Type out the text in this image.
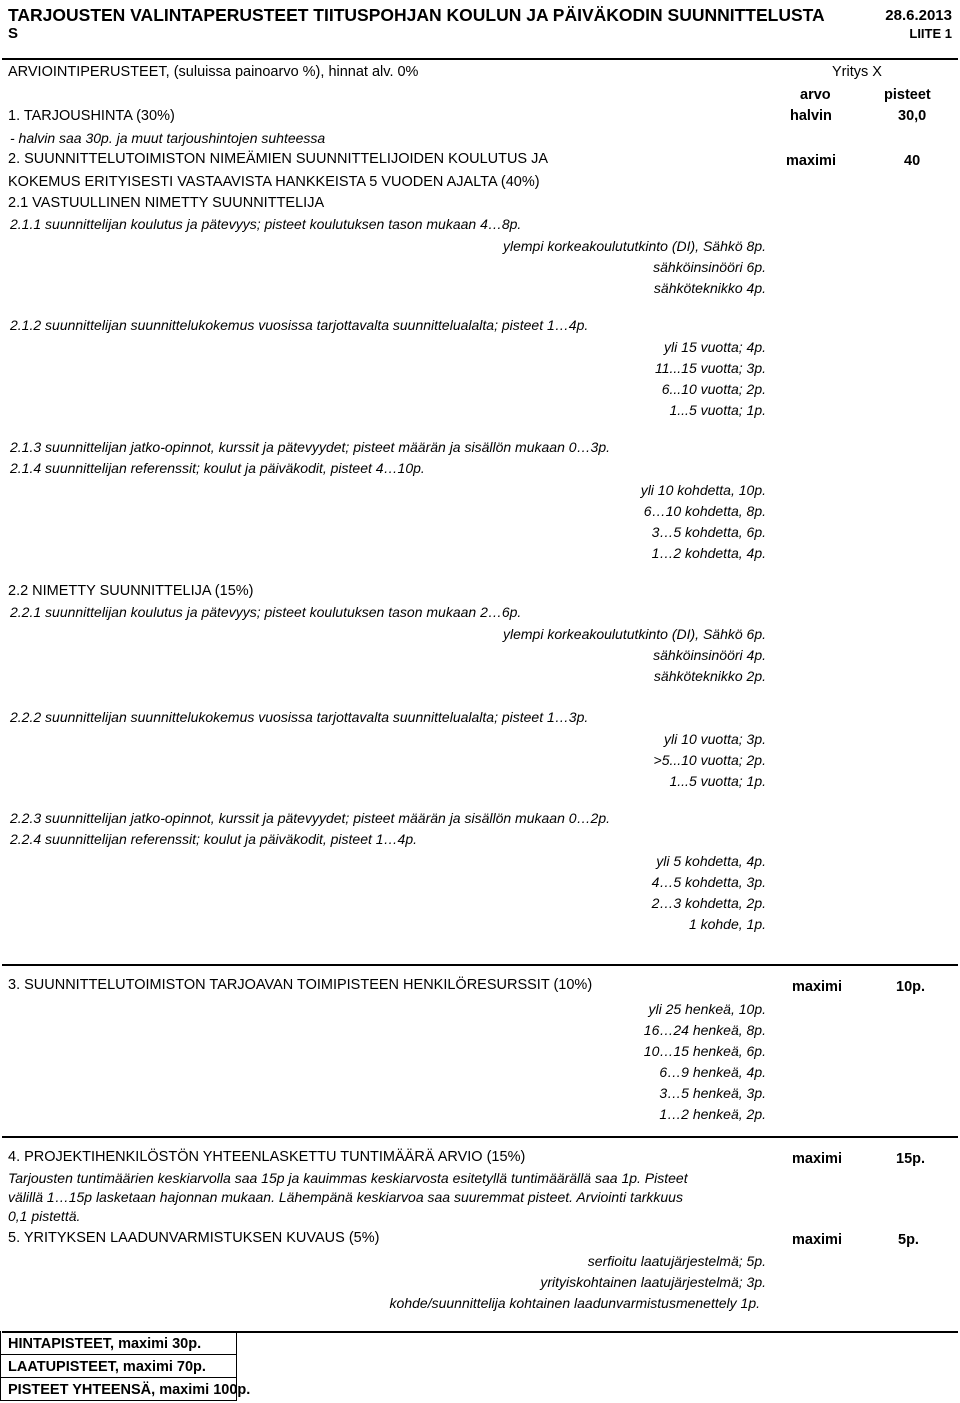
TARJOUSTEN VALINTAPERUSTEET TIITUSPOHJAN KOULUN JA PÄIVÄKODIN SUUNNITTELUSTA
S
28.6.2013
LIITE 1
ARVIOINTIPERUSTEET, (suluissa painoarvo %), hinnat alv. 0%	Yritys X
arvo	pisteet
1. TARJOUSHINTA (30%)
- halvin saa 30p. ja muut tarjoushintojen suhteessa
halvin	30,0
2. SUUNNITTELUTOIMISTON NIMEÄMIEN SUUNNITTELIJOIDEN KOULUTUS JA
KOKEMUS ERITYISESTI VASTAAVISTA HANKKEISTA 5 VUODEN AJALTA (40%)
maximi	40
2.1 VASTUULLINEN NIMETTY SUUNNITTELIJA
2.1.1 suunnittelijan koulutus ja pätevyys; pisteet koulutuksen tason mukaan 4…8p.
ylempi korkeakoulututkinto (DI), Sähkö 8p.
sähköinsinööri 6p.
sähköteknikko 4p.
2.1.2 suunnittelijan suunnittelukokemus vuosissa tarjottavalta suunnittelualalta; pisteet 1…4p.
yli 15 vuotta; 4p.
11...15 vuotta; 3p.
6...10 vuotta; 2p.
1...5 vuotta; 1p.
2.1.3 suunnittelijan jatko-opinnot, kurssit ja pätevyydet; pisteet määrän ja sisällön mukaan 0…3p.
2.1.4 suunnittelijan referenssit; koulut ja päiväkodit, pisteet 4…10p.
yli 10 kohdetta, 10p.
6…10 kohdetta, 8p.
3…5 kohdetta, 6p.
1…2 kohdetta, 4p.
2.2 NIMETTY SUUNNITTELIJA (15%)
2.2.1 suunnittelijan koulutus ja pätevyys; pisteet koulutuksen tason mukaan 2…6p.
ylempi korkeakoulututkinto (DI), Sähkö 6p.
sähköinsinööri 4p.
sähköteknikko 2p.
2.2.2 suunnittelijan suunnittelukokemus vuosissa tarjottavalta suunnittelualalta; pisteet 1…3p.
yli 10 vuotta; 3p.
>5...10 vuotta; 2p.
1...5 vuotta; 1p.
2.2.3 suunnittelijan jatko-opinnot, kurssit ja pätevyydet; pisteet määrän ja sisällön mukaan 0…2p.
2.2.4 suunnittelijan referenssit; koulut ja päiväkodit, pisteet 1…4p.
yli 5 kohdetta, 4p.
4…5 kohdetta, 3p.
2…3 kohdetta, 2p.
1 kohde, 1p.
3. SUUNNITTELUTOIMISTON TARJOAVAN TOIMIPISTEEN HENKILÖRESURSSIT (10%)	maximi	10p.
yli 25 henkeä, 10p.
16…24 henkeä, 8p.
10…15 henkeä, 6p.
6…9 henkeä, 4p.
3…5 henkeä, 3p.
1…2 henkeä, 2p.
4. PROJEKTIHENKILÖSTÖN YHTEENLASKETTU TUNTIMÄÄRÄ ARVIO (15%)	maximi	15p.
Tarjousten tuntimäärien keskiarvolla saa 15p ja kauimmas keskiarvosta esitetyllä tuntimäärällä saa 1p. Pisteet
välillä 1…15p lasketaan hajonnan mukaan. Lähempänä keskiarvoa saa suuremmat pisteet. Arviointi tarkkuus
0,1 pistettä.
5. YRITYKSEN LAADUNVARMISTUKSEN KUVAUS (5%)	maximi	5p.
serfioitu laatujärjestelmä; 5p.
yrityiskohtainen laatujärjestelmä; 3p.
kohde/suunnittelija kohtainen laadunvarmistusmenettely 1p.
HINTAPISTEET, maximi 30p.
LAATUPISTEET, maximi 70p.
PISTEET YHTEENSÄ, maximi 100p.
